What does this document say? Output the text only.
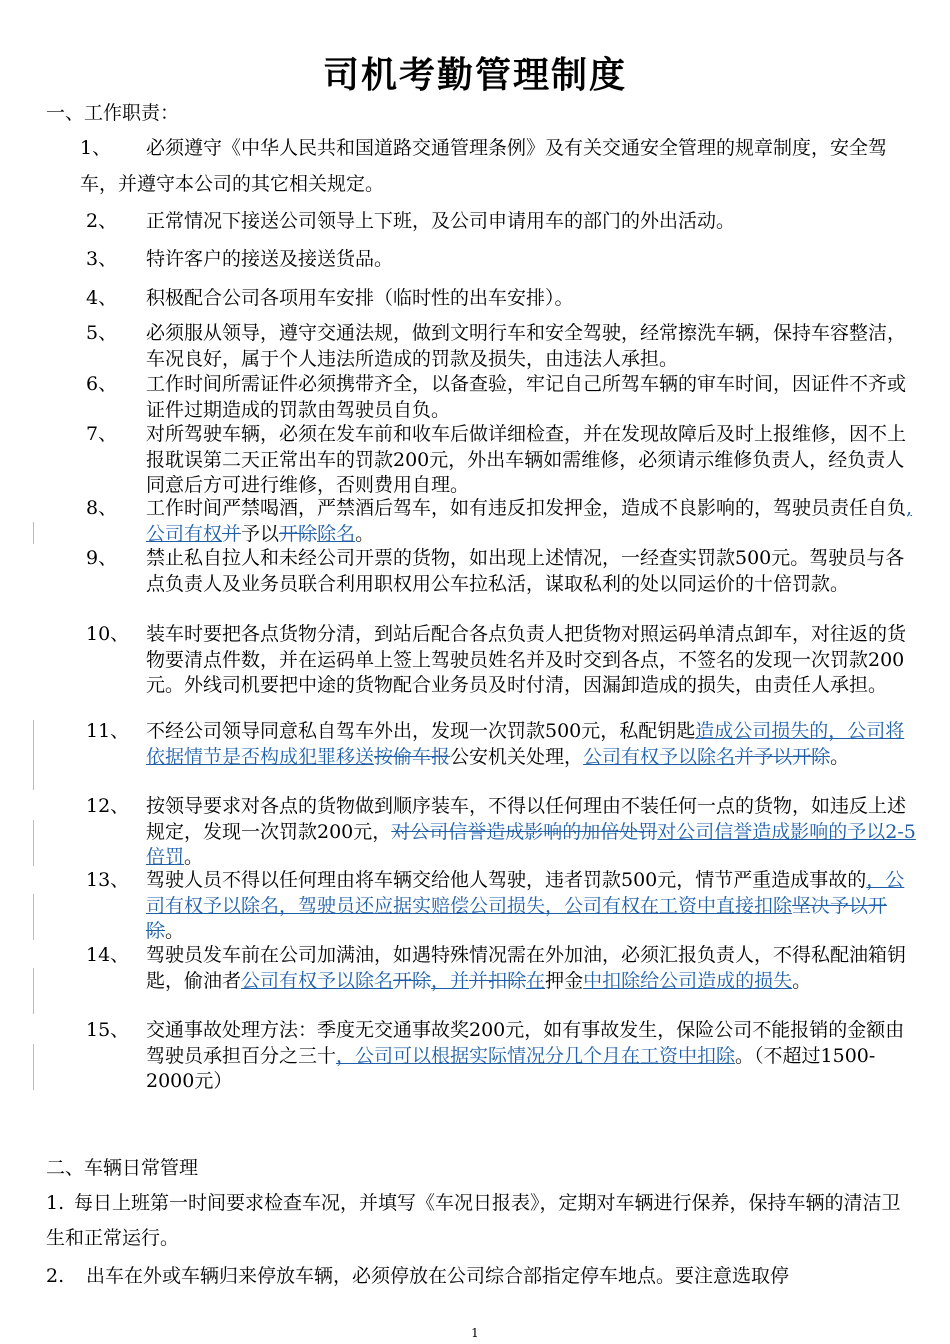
司机考勤管理制度

一、工作职责：

1、 必须遵守《中华人民共和国道路交通管理条例》及有关交通安全管理的规章制度，安全驾车，并遵守本公司的其它相关规定。

2、 正常情况下接送公司领导上下班，及公司申请用车的部门的外出活动。

3、 特许客户的接送及接送货品。

4、 积极配合公司各项用车安排（临时性的出车安排）。

5、	必须服从领导，遵守交通法规，做到文明行车和安全驾驶，经常擦洗车辆，保持车容整洁，车况良好，属于个人违法所造成的罚款及损失，由违法人承担。
6、	工作时间所需证件必须携带齐全，以备查验，牢记自己所驾车辆的审车时间，因证件不齐或证件过期造成的罚款由驾驶员自负。
7、	对所驾驶车辆，必须在发车前和收车后做详细检查，并在发现故障后及时上报维修，因不上报耽误第二天正常出车的罚款200元，外出车辆如需维修，必须请示维修负责人，经负责人同意后方可进行维修，否则费用自理。
8、	工作时间严禁喝酒，严禁酒后驾车，如有违反扣发押金，造成不良影响的，驾驶员责任自负,公司有权并予以开除除名。
9、	禁止私自拉人和未经公司开票的货物，如出现上述情况，一经查实罚款500元。驾驶员与各点负责人及业务员联合利用职权用公车拉私活，谋取私利的处以同运价的十倍罚款。
10、 装车时要把各点货物分清，到站后配合各点负责人把货物对照运码单清点卸车，对往返的货物要清点件数，并在运码单上签上驾驶员姓名并及时交到各点，不签名的发现一次罚款200元。外线司机要把中途的货物配合业务员及时付清，因漏卸造成的损失，由责任人承担。
11、 不经公司领导同意私自驾车外出，发现一次罚款500元，私配钥匙造成公司损失的，公司将依据情节是否构成犯罪移送按偷车报公安机关处理，公司有权予以除名并予以开除。
12、 按领导要求对各点的货物做到顺序装车，不得以任何理由不装任何一点的货物，如违反上述规定，发现一次罚款200元，对公司信誉造成影响的加倍处罚对公司信誉造成影响的予以2-5倍罚。
13、 驾驶人员不得以任何理由将车辆交给他人驾驶，违者罚款500元，情节严重造成事故的，公司有权予以除名，驾驶员还应据实赔偿公司损失，公司有权在工资中直接扣除坚决予以开除。
14、 驾驶员发车前在公司加满油，如遇特殊情况需在外加油，必须汇报负责人，不得私配油箱钥匙，偷油者公司有权予以除名开除，并并扣除在押金中扣除给公司造成的损失。
15、 交通事故处理方法：季度无交通事故奖200元，如有事故发生，保险公司不能报销的金额由驾驶员承担百分之三十，公司可以根据实际情况分几个月在工资中扣除。（不超过1500-2000元）

二、车辆日常管理

1. 每日上班第一时间要求检查车况，并填写《车况日报表》，定期对车辆进行保养，保持车辆的清洁卫生和正常运行。

2. 出车在外或车辆归来停放车辆，必须停放在公司综合部指定停车地点。要注意选取停

1
